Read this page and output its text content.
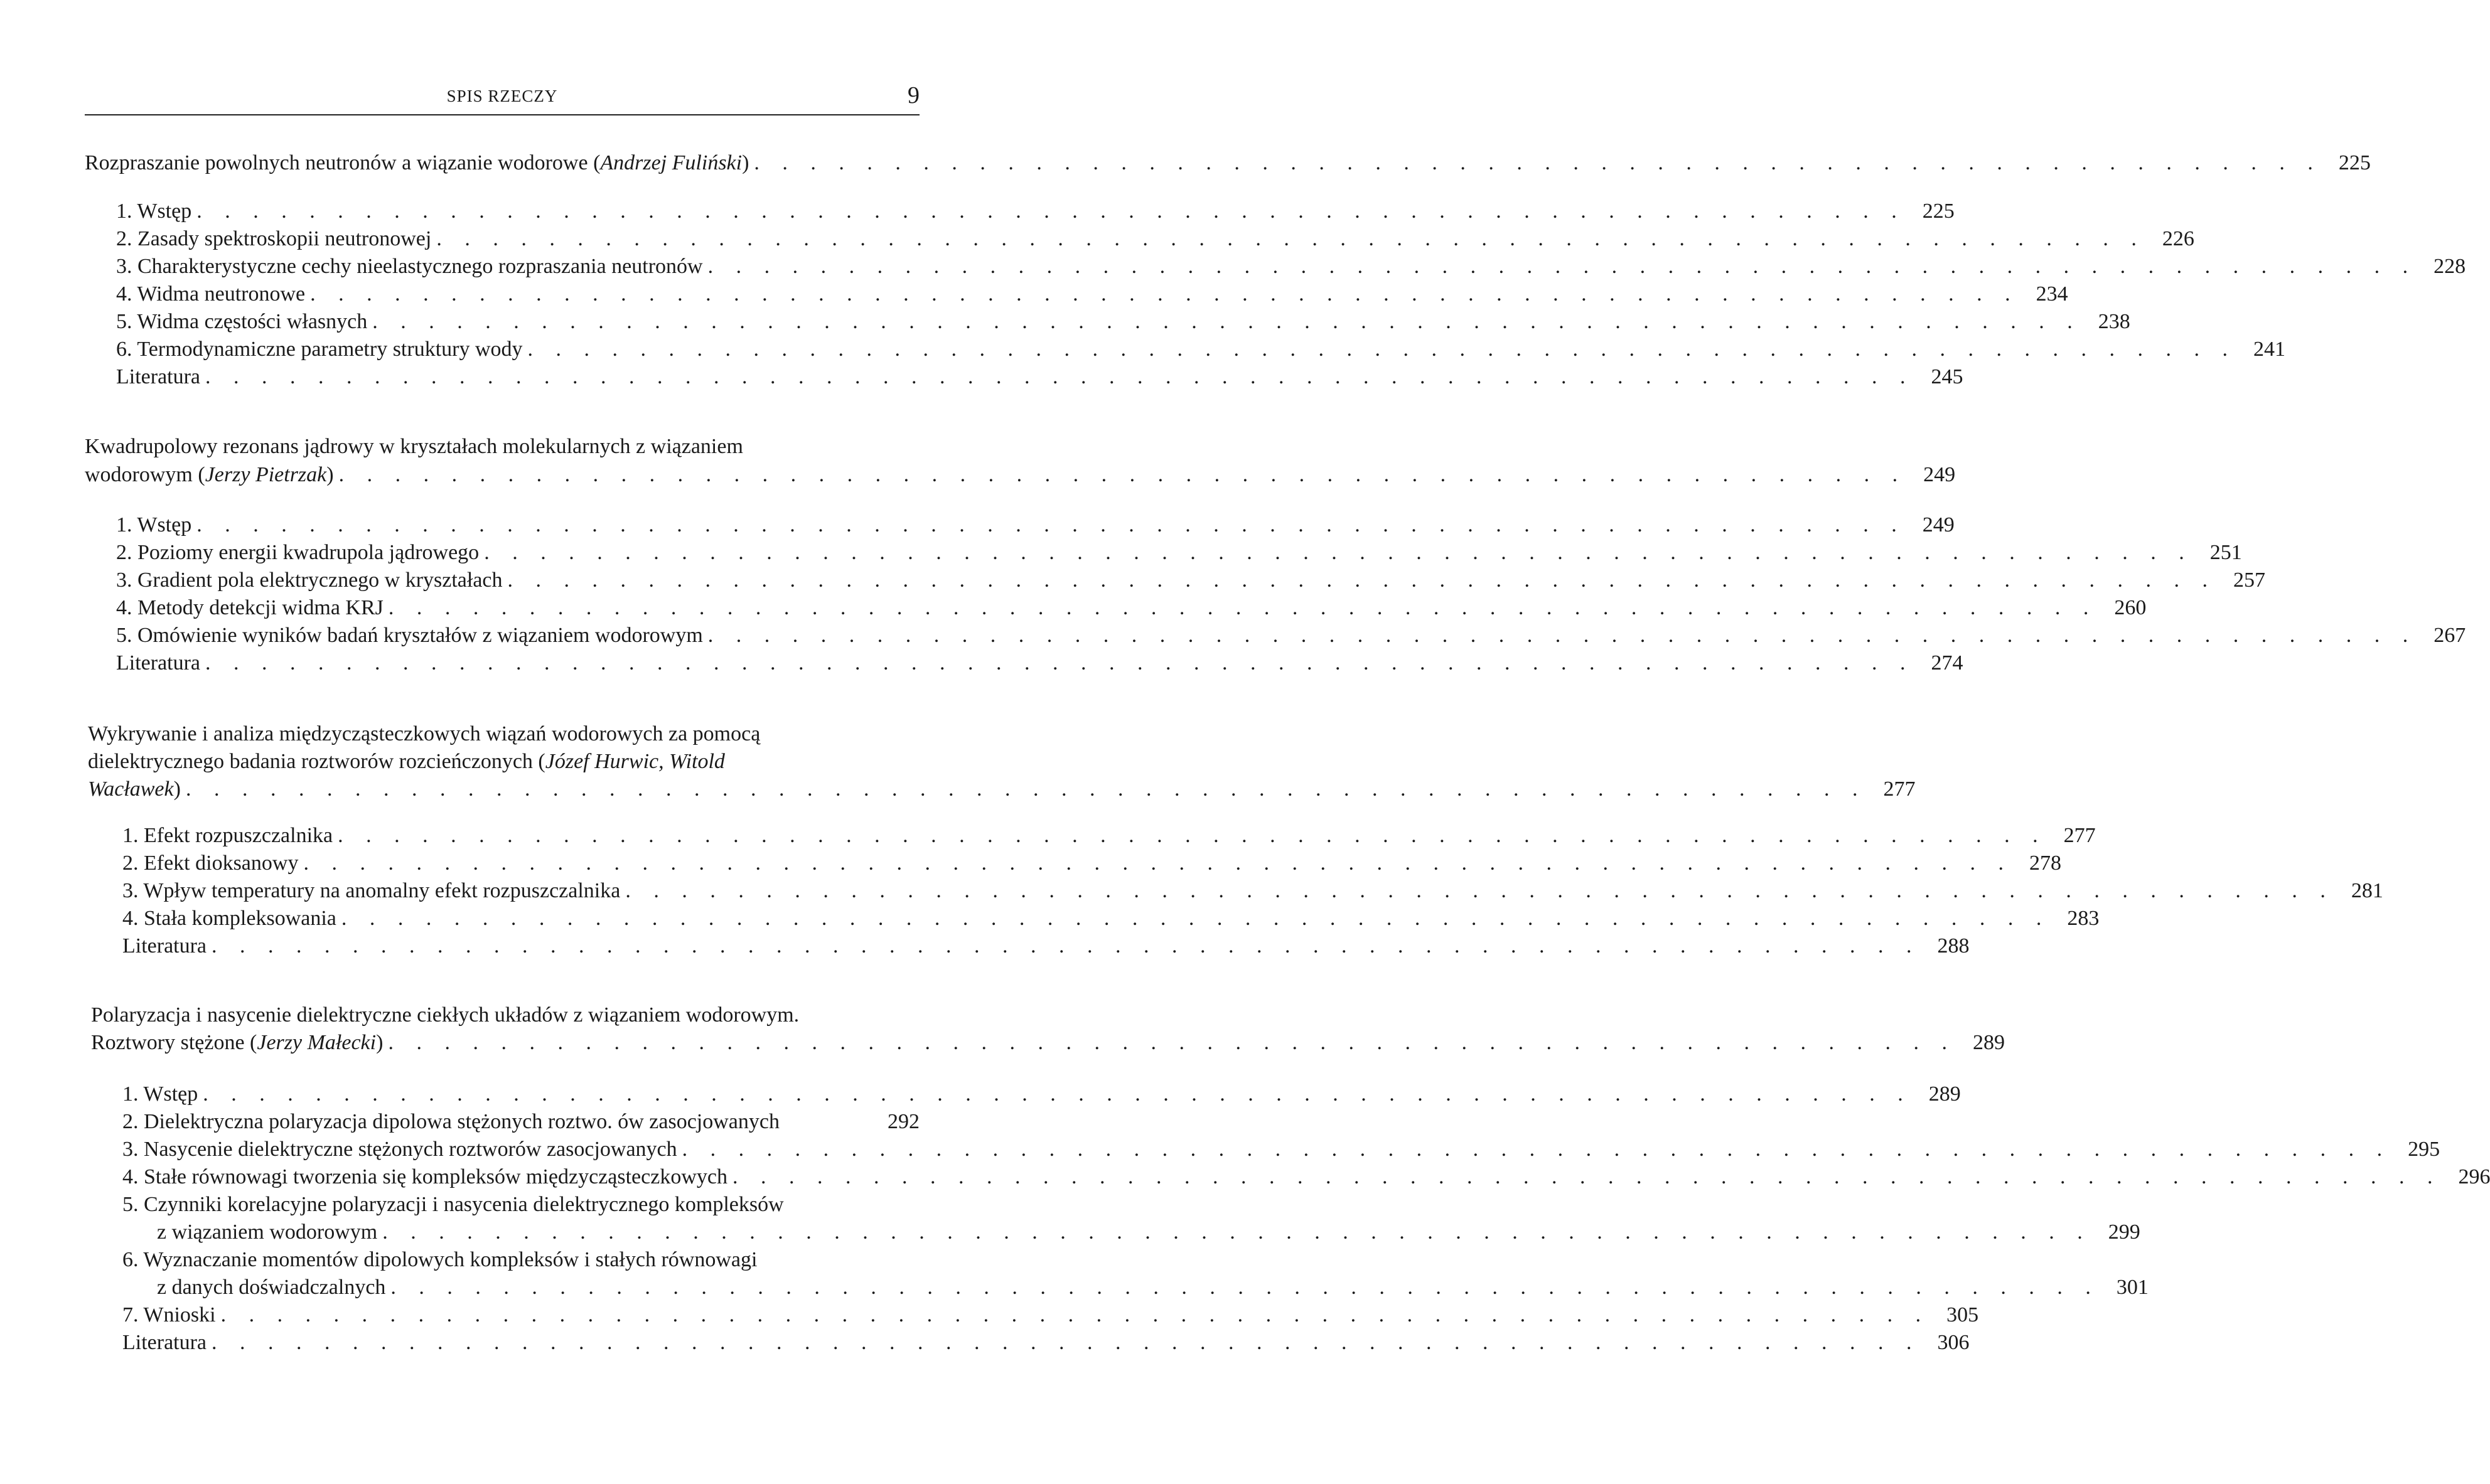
SPIS RZECZY	9
Rozpraszanie powolnych neutronów a wiązanie wodorowe (Andrzej Fuliński) . . . . . . . . . . . . . . . . . . . . . . . . . . . . . . . . . . . . . . . . . . . . . . . . . . . . . . . . 225
1. Wstęp . . . . . . . . . . . . . . . . . . . . . . . . . . . . . . . . . . . . . . . . . . . . . . . . . . . . . . . . . . . . . 225
2. Zasady spektroskopii neutronowej . . . . . . . . . . . . . . . . . . . . . . . . . . . . . . . . . . . . . . . . . . . . . . . . . . . . . . . . . . . . . 226
3. Charakterystyczne cechy nieelastycznego rozpraszania neutronów . . . . . . . . . . . . . . . . . . . . . . . . . . . . . . . . . . . . . . . . . . . . . . . . . . . . . . . . . . . . . 228
4. Widma neutronowe . . . . . . . . . . . . . . . . . . . . . . . . . . . . . . . . . . . . . . . . . . . . . . . . . . . . . . . . . . . . . 234
5. Widma częstości własnych . . . . . . . . . . . . . . . . . . . . . . . . . . . . . . . . . . . . . . . . . . . . . . . . . . . . . . . . . . . . . 238
6. Termodynamiczne parametry struktury wody . . . . . . . . . . . . . . . . . . . . . . . . . . . . . . . . . . . . . . . . . . . . . . . . . . . . . . . . . . . . . 241
Literatura . . . . . . . . . . . . . . . . . . . . . . . . . . . . . . . . . . . . . . . . . . . . . . . . . . . . . . . . . . . . . 245
Kwadrupolowy rezonans jądrowy w kryształach molekularnych z wiązaniem
wodorowym (Jerzy Pietrzak) . . . . . . . . . . . . . . . . . . . . . . . . . . . . . . . . . . . . . . . . . . . . . . . . . . . . . . . . 249
1. Wstęp . . . . . . . . . . . . . . . . . . . . . . . . . . . . . . . . . . . . . . . . . . . . . . . . . . . . . . . . . . . . . 249
2. Poziomy energii kwadrupola jądrowego . . . . . . . . . . . . . . . . . . . . . . . . . . . . . . . . . . . . . . . . . . . . . . . . . . . . . . . . . . . . . 251
3. Gradient pola elektrycznego w kryształach . . . . . . . . . . . . . . . . . . . . . . . . . . . . . . . . . . . . . . . . . . . . . . . . . . . . . . . . . . . . . 257
4. Metody detekcji widma KRJ . . . . . . . . . . . . . . . . . . . . . . . . . . . . . . . . . . . . . . . . . . . . . . . . . . . . . . . . . . . . . 260
5. Omówienie wyników badań kryształów z wiązaniem wodorowym . . . . . . . . . . . . . . . . . . . . . . . . . . . . . . . . . . . . . . . . . . . . . . . . . . . . . . . . . . . . . 267
Literatura . . . . . . . . . . . . . . . . . . . . . . . . . . . . . . . . . . . . . . . . . . . . . . . . . . . . . . . . . . . . . 274
Wykrywanie i analiza międzycząsteczkowych wiązań wodorowych za pomocą
dielektrycznego badania roztworów rozcieńczonych (Józef Hurwic, Witold
Wacławek) . . . . . . . . . . . . . . . . . . . . . . . . . . . . . . . . . . . . . . . . . . . . . . . . . . . . . . . . . . . . 277
1. Efekt rozpuszczalnika . . . . . . . . . . . . . . . . . . . . . . . . . . . . . . . . . . . . . . . . . . . . . . . . . . . . . . . . . . . . . 277
2. Efekt dioksanowy . . . . . . . . . . . . . . . . . . . . . . . . . . . . . . . . . . . . . . . . . . . . . . . . . . . . . . . . . . . . . 278
3. Wpływ temperatury na anomalny efekt rozpuszczalnika . . . . . . . . . . . . . . . . . . . . . . . . . . . . . . . . . . . . . . . . . . . . . . . . . . . . . . . . . . . . . 281
4. Stała kompleksowania . . . . . . . . . . . . . . . . . . . . . . . . . . . . . . . . . . . . . . . . . . . . . . . . . . . . . . . . . . . . . 283
Literatura . . . . . . . . . . . . . . . . . . . . . . . . . . . . . . . . . . . . . . . . . . . . . . . . . . . . . . . . . . . . . 288
Polaryzacja i nasycenie dielektryczne ciekłych układów z wiązaniem wodorowym.
Roztwory stężone (Jerzy Małecki) . . . . . . . . . . . . . . . . . . . . . . . . . . . . . . . . . . . . . . . . . . . . . . . . . . . . . . . . 289
1. Wstęp . . . . . . . . . . . . . . . . . . . . . . . . . . . . . . . . . . . . . . . . . . . . . . . . . . . . . . . . . . . . . 289
2. Dielektryczna polaryzacja dipolowa stężonych roztwo. ów zasocjowanych	292
3. Nasycenie dielektryczne stężonych roztworów zasocjowanych . . . . . . . . . . . . . . . . . . . . . . . . . . . . . . . . . . . . . . . . . . . . . . . . . . . . . . . . . . . . . 295
4. Stałe równowagi tworzenia się kompleksów międzycząsteczkowych . . . . . . . . . . . . . . . . . . . . . . . . . . . . . . . . . . . . . . . . . . . . . . . . . . . . . . . . . . . . . 296
5. Czynniki korelacyjne polaryzacji i nasycenia dielektrycznego kompleksów
z wiązaniem wodorowym . . . . . . . . . . . . . . . . . . . . . . . . . . . . . . . . . . . . . . . . . . . . . . . . . . . . . . . . . . . . . 299
6. Wyznaczanie momentów dipolowych kompleksów i stałych równowagi
z danych doświadczalnych . . . . . . . . . . . . . . . . . . . . . . . . . . . . . . . . . . . . . . . . . . . . . . . . . . . . . . . . . . . . . 301
7. Wnioski . . . . . . . . . . . . . . . . . . . . . . . . . . . . . . . . . . . . . . . . . . . . . . . . . . . . . . . . . . . . . 305
Literatura . . . . . . . . . . . . . . . . . . . . . . . . . . . . . . . . . . . . . . . . . . . . . . . . . . . . . . . . . . . . . 306
